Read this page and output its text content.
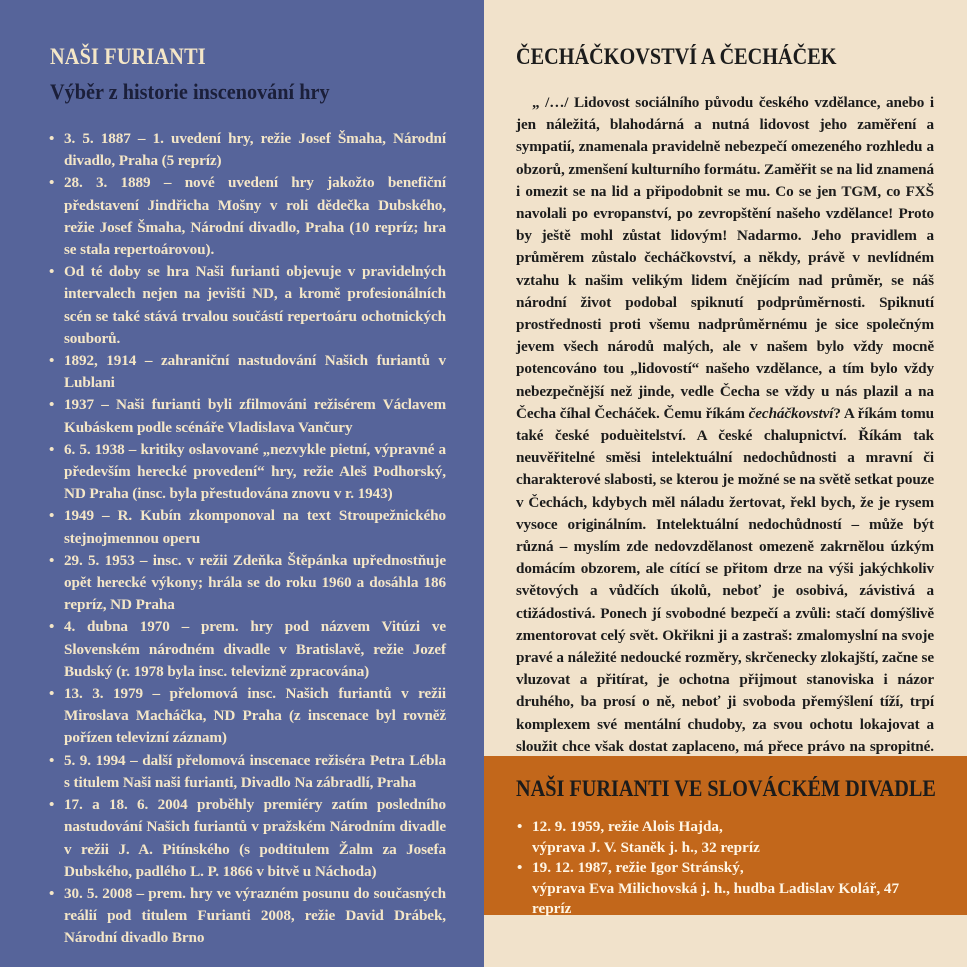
NAŠI FURIANTI
Výběr z historie inscenování hry
• 3. 5. 1887 – 1. uvedení hry, režie Josef Šmaha, Národní divadlo, Praha (5 repríz)
• 28. 3. 1889 – nové uvedení hry jakožto benefiční představení Jindřicha Mošny v roli dědečka Dubského, režie Josef Šmaha, Národní divadlo, Praha (10 repríz; hra se stala repertoárovou).
• Od té doby se hra Naši furianti objevuje v pravidelných intervalech nejen na jevišti ND, a kromě profesionálních scén se také stává trvalou součástí repertoáru ochotnických souborů.
• 1892, 1914 – zahraniční nastudování Našich furiantů v Lublani
• 1937 – Naši furianti byli zfilmováni režisérem Václavem Kubáskem podle scénáře Vladislava Vančury
• 6. 5. 1938 – kritiky oslavované „nezvykle pietní, výpravné a především herecké provedení“ hry, režie Aleš Podhorský, ND Praha (insc. byla přestudována znovu v r. 1943)
• 1949 – R. Kubín zkomponoval na text Stroupežnického stejnojmennou operu
• 29. 5. 1953 – insc. v režii Zdeňka Štěpánka upřednostňuje opět herecké výkony; hrála se do roku 1960 a dosáhla 186 repríz, ND Praha
• 4. dubna 1970 – prem. hry pod názvem Vitúzi ve Slovenském národném divadle v Bratislavě, režie Jozef Budský (r. 1978 byla insc. televizně zpracována)
• 13. 3. 1979 – přelomová insc. Našich furiantů v režii Miroslava Macháčka, ND Praha (z inscenace byl rovněž pořízen televizní záznam)
• 5. 9. 1994 – další přelomová inscenace režiséra Petra Lébla s titulem Naši naši furianti, Divadlo Na zábradlí, Praha
• 17. a 18. 6. 2004 proběhly premiéry zatím posledního nastudování Našich furiantů v pražském Národním divadle v režii J. A. Pitínského (s podtitulem Žalm za Josefa Dubského, padlého L. P. 1866 v bitvě u Náchoda)
• 30. 5. 2008 – prem. hry ve výrazném posunu do současných reálií pod titulem Furianti 2008, režie David Drábek, Národní divadlo Brno
ČECHÁČKOVSTVÍ A ČECHÁČEK

„ /…/ Lidovost sociálního původu českého vzdělance, anebo i jen náležitá, blahodárná a nutná lidovost jeho zaměření a sympatií, znamenala pravidelně nebezpečí omezeného rozhledu a obzorů, zmenšení kulturního formátu. Zaměřit se na lid znamená i omezit se na lid a připodobnit se mu. Co se jen TGM, co FXŠ navolali po evropanství, po zevropštění našeho vzdělance! Proto by ještě mohl zůstat lidovým! Nadarmo. Jeho pravidlem a průměrem zůstalo čecháčkovství, a někdy, právě v nevlídném vztahu k našim velikým lidem čnějícím nad průměr, se náš národní život podobal spiknutí podprůměrnosti. Spiknutí prostřednosti proti všemu nadprůměrnému je sice společným jevem všech národů malých, ale v našem bylo vždy mocně potencováno tou „lidovostí“ našeho vzdělance, a tím bylo vždy nebezpečnější než jinde, vedle Čecha se vždy u nás plazil a na Čecha číhal Čecháček. Čemu říkám čecháčkovství? A říkám tomu také české poduèitelství. A české chalupnictví. Říkám tak neuvěřitelné směsi intelektuální nedochůdnosti a mravní či charakterové slabosti, se kterou je možné se na světě setkat pouze v Čechách, kdybych měl náladu žertovat, řekl bych, že je rysem vysoce originálním. Intelektuální nedochůdností – může být různá – myslím zde nedovzdělanost omezeně zakrnělou úzkým domácím obzorem, ale cítící se přitom drze na výši jakýchkoliv světových a vůdčích úkolů, neboť je osobivá, závistivá a ctižádostivá. Ponech jí svobodné bezpečí a zvůli: stačí domýšlivě zmentorovat celý svět. Okřikni ji a zastraš: zmalomyslní na svoje pravé a náležité nedoucké rozměry, skrčenecky zlokajští, začne se vluzovat a přitírat, je ochotna přijmout stanoviska i názor druhého, ba prosí o ně, neboť ji svoboda přemýšlení tíží, trpí komplexem své mentální chudoby, za svou ochotu lokajovat a sloužit chce však dostat zaplaceno, má přece právo na spropitné.

NAŠI FURIANTI VE SLOVÁCKÉM DIVADLE
• 12. 9. 1959, režie Alois Hajda,
výprava J. V. Staněk j. h., 32 repríz
• 19. 12. 1987, režie Igor Stránský,
výprava Eva Milichovská j. h., hudba Ladislav Kolář, 47 repríz
